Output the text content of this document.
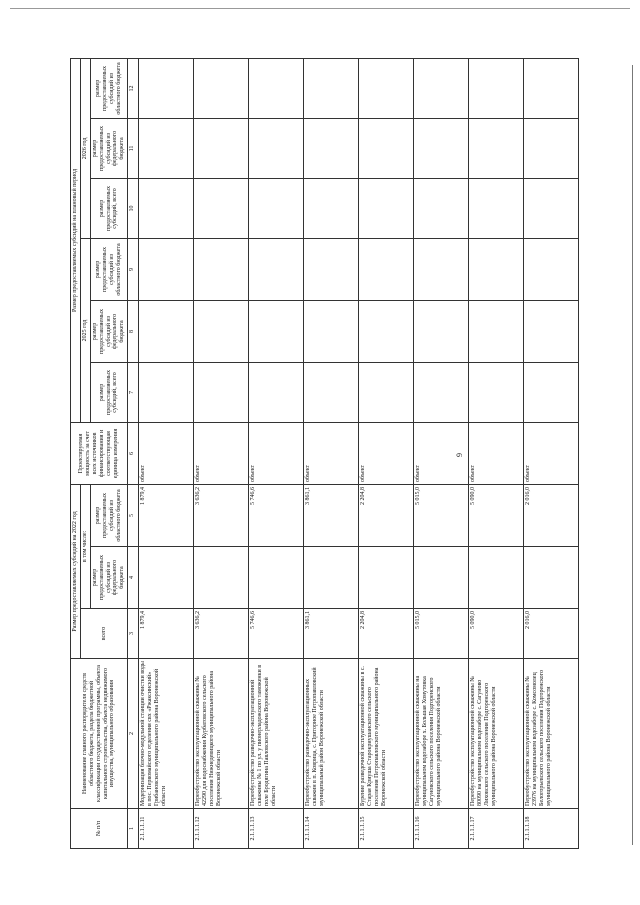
9
№ п/п	Наименование главного распорядителя средств областного бюджета, раздела бюджетной классификации государственной программы, объекта капитального строительства, объекта недвижимого имущества, муниципального образования	Размер предоставляемых субсидий на 2022 год			Проектируемая мощность за счет всех источников финансирования и соответствующая единица измерения	Размер предоставляемых субсидий на плановый период					
		всего	в том числе:			2025 год			2026 год		
			размер предоставляемых субсидий из федерального бюджета	размер предоставляемых субсидий из областного бюджета		размер предоставляемых субсидий, всего	размер предоставляемых субсидий из федерального бюджета	размер предоставляемых субсидий из областного бюджета	размер предоставляемых субсидий, всего	размер предоставляемых субсидий из федерального бюджета	размер предоставляемых субсидий из областного бюджета
1	2	3	4	5	6	7	8	9	10	11	12
2.1.1.1.11	Модернизация блочно-модульной станции очистки воды в пос. Первомайского отделения свх «Ржаксинский» Грибановского муниципального района Воронежской области	1 879,4		1 879,4	объект						
2.1.1.1.12	Переобустройство эксплуатационной скважины № 42290 для водоснабжения Курбатовского сельского поселения Нижнедевицкого муниципального района Воронежской области	3 636,2		3 636,2	объект						
2.1.1.1.13	Переобустройство разведочно-эксплуатационной скважины № 1 по ул. у пионерладожского таможенки в поле Бродягина Павловского района Воронежской области	5 746,6		5 746,6	объект						
2.1.1.1.14	Переобустройство разведочно-эксплуатационных скважин в п. Коврица, с. Приторное Петропавловский муниципальный район Воронежской области	3 861,1		3 861,1	объект						
2.1.1.1.15	Бурение разведочной эксплуатационной скважины в с. Старая Криуша Старокриушанского сельского поселения Петропавловского муниципального района Воронежской области	2 204,8		2 204,8	объект						
2.1.1.1.16	Переобустройство эксплуатационной скважины на муниципальном водозаборе х. Большая Хомутовка Сагуновского сельского поселения Подгоренского муниципального района Воронежской области	5 015,0		5 015,0	объект						
2.1.1.1.17	Переобустройство эксплуатационной скважины № 80090 на муниципальном водозаборе с. Сагуново Лиховского сельского поселения Подгоренского муниципального района Воронежской области	5 090,0		5 090,0	объект						
2.1.1.1.18	Переобустройство эксплуатационной скважины № 23976 на муниципальном водозаборе с. Комсомолец Белогорьевского сельского поселения Подгоренского муниципального района Воронежской области	2 016,0		2 016,0	объект						
